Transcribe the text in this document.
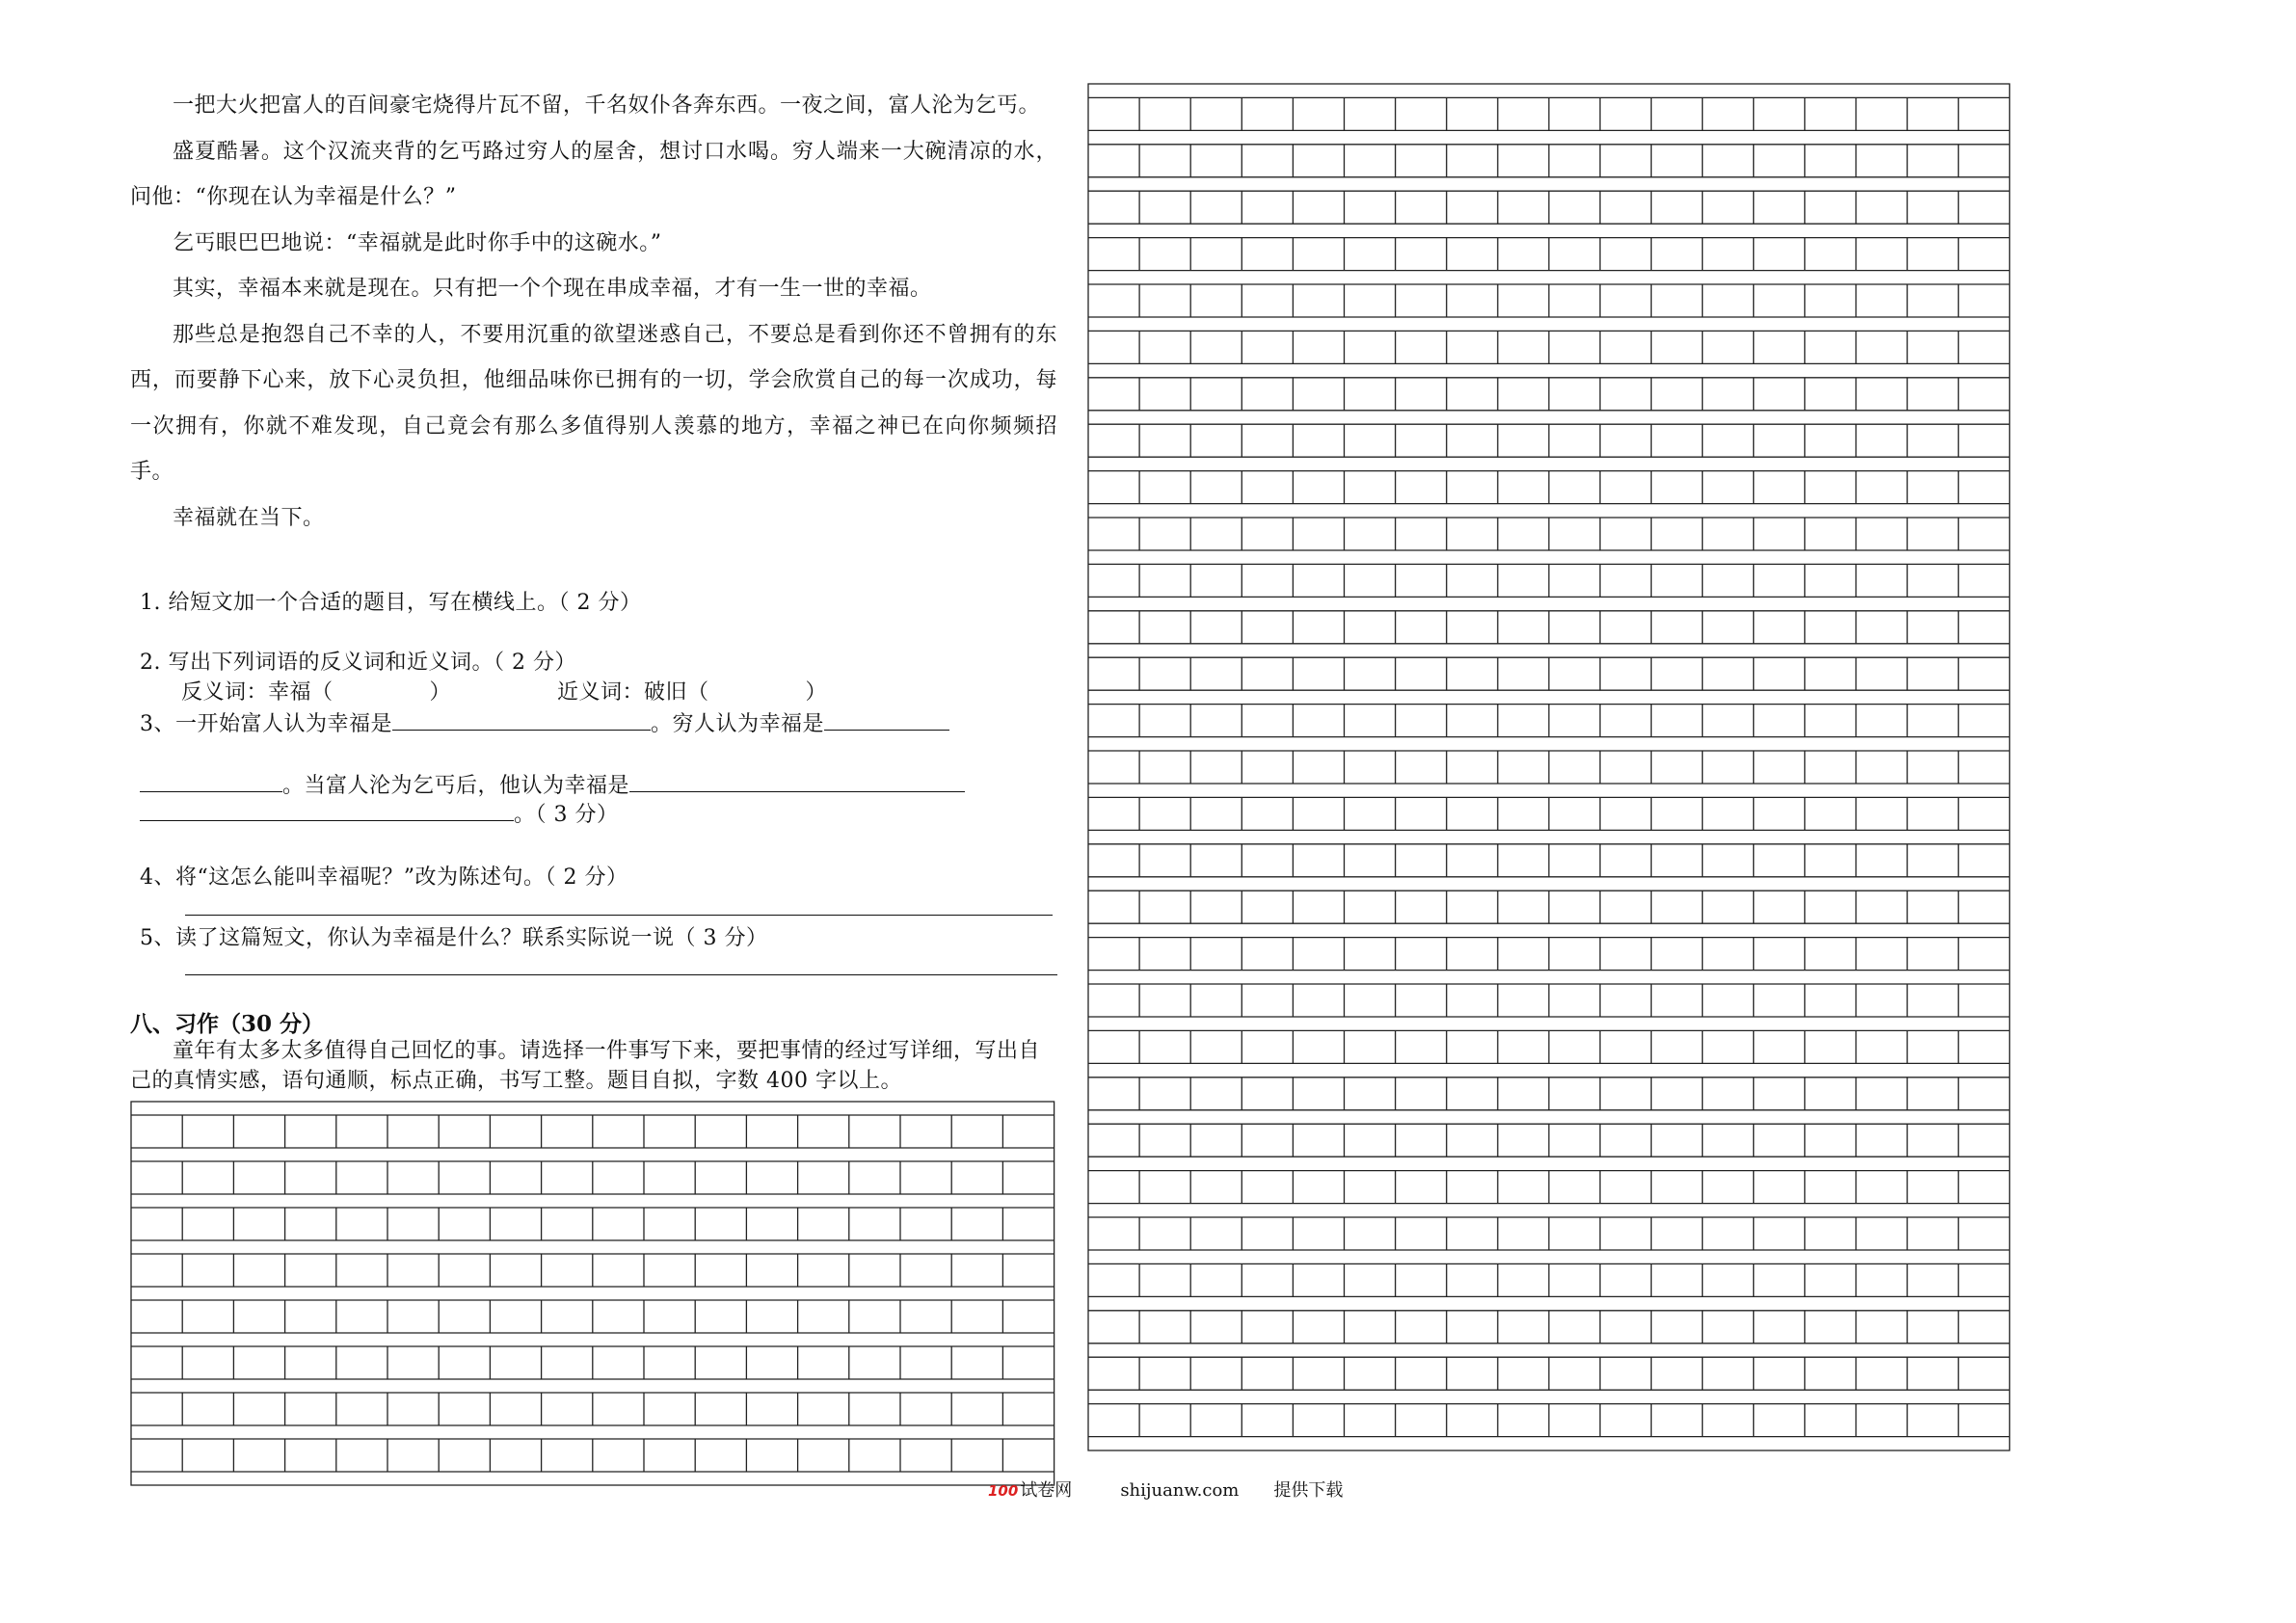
一把大火把富人的百间豪宅烧得片瓦不留，千名奴仆各奔东西。一夜之间，富人沦为乞丐。

盛夏酷暑。这个汉流夹背的乞丐路过穷人的屋舍，想讨口水喝。穷人端来一大碗清凉的水，问他：“你现在认为幸福是什么？”

乞丐眼巴巴地说：“幸福就是此时你手中的这碗水。”

其实，幸福本来就是现在。只有把一个个现在串成幸福，才有一生一世的幸福。

那些总是抱怨自己不幸的人，不要用沉重的欲望迷惑自己，不要总是看到你还不曾拥有的东西，而要静下心来，放下心灵负担，他细品味你已拥有的一切，学会欣赏自己的每一次成功，每一次拥有，你就不难发现，自己竟会有那么多值得别人羡慕的地方，幸福之神已在向你频频招手。

幸福就在当下。

1. 给短文加一个合适的题目，写在横线上。（ 2 分）

2. 写出下列词语的反义词和近义词。（ 2 分）

反义词：幸福（	）	近义词：破旧（	）

3、一开始富人认为幸福是	。穷人认为幸福是

。当富人沦为乞丐后，他认为幸福是

。（ 3 分）

4、将“这怎么能叫幸福呢？”改为陈述句。（ 2 分）

5、读了这篇短文，你认为幸福是什么？联系实际说一说（ 3 分）

八、习作（30 分）

童年有太多太多值得自己回忆的事。请选择一件事写下来，要把事情的经过写详细，写出自己的真情实感，语句通顺，标点正确，书写工整。题目自拟，字数 400 字以上。

100 试卷网	shijuanw.com 提供下载
